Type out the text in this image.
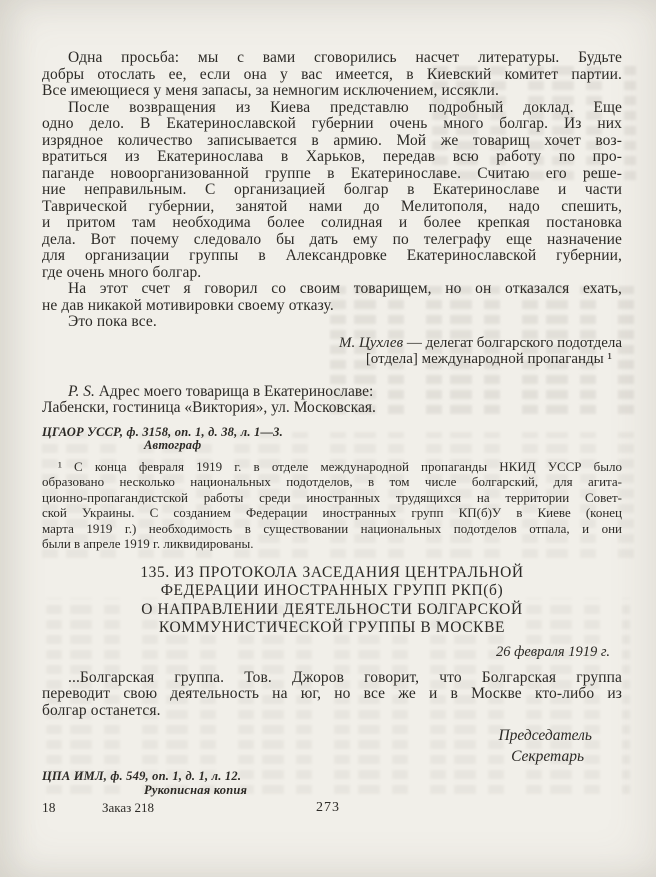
Одна просьба: мы с вами сговорились насчет литературы. Будьте
добры отослать ее, если она у вас имеется, в Киевский комитет партии.
Все имеющиеся у меня запасы, за немногим исключением, иссякли.
После возвращения из Киева представлю подробный доклад. Еще
одно дело. В Екатеринославской губернии очень много болгар. Из них
изрядное количество записывается в армию. Мой же товарищ хочет воз-
вратиться из Екатеринослава в Харьков, передав всю работу по про-
паганде новоорганизованной группе в Екатеринославе. Считаю его реше-
ние неправильным. С организацией болгар в Екатеринославе и части
Таврической губернии, занятой нами до Мелитополя, надо спешить,
и притом там необходима более солидная и более крепкая постановка
дела. Вот почему следовало бы дать ему по телеграфу еще назначение
для организации группы в Александровке Екатеринославской губернии,
где очень много болгар.
На этот счет я говорил со своим товарищем, но он отказался ехать,
не дав никакой мотивировки своему отказу.
Это пока все.
М. Цухлев — делегат болгарского подотдела
[отдела] международной пропаганды ¹
P. S. Адрес моего товарища в Екатеринославе:
Лабенски, гостиница «Виктория», ул. Московская.
ЦГАОР УССР, ф. 3158, оп. 1, д. 38, л. 1—3.
Автограф
¹ С конца февраля 1919 г. в отделе международной пропаганды НКИД УССР было
образовано несколько национальных подотделов, в том числе болгарский, для агита-
ционно-пропагандистской работы среди иностранных трудящихся на территории Совет-
ской Украины. С созданием Федерации иностранных групп КП(б)У в Киеве (конец
марта 1919 г.) необходимость в существовании национальных подотделов отпала, и они
были в апреле 1919 г. ликвидированы.
135. ИЗ ПРОТОКОЛА ЗАСЕДАНИЯ ЦЕНТРАЛЬНОЙ
ФЕДЕРАЦИИ ИНОСТРАННЫХ ГРУПП РКП(б)
О НАПРАВЛЕНИИ ДЕЯТЕЛЬНОСТИ БОЛГАРСКОЙ
КОММУНИСТИЧЕСКОЙ ГРУППЫ В МОСКВЕ
26 февраля 1919 г.
...Болгарская группа. Тов. Джоров говорит, что Болгарская группа
переводит свою деятельность на юг, но все же и в Москве кто-либо из
болгар останется.
Председатель
Секретарь
ЦПА ИМЛ, ф. 549, оп. 1, д. 1, л. 12.
Рукописная копия
18	Заказ 218	273
